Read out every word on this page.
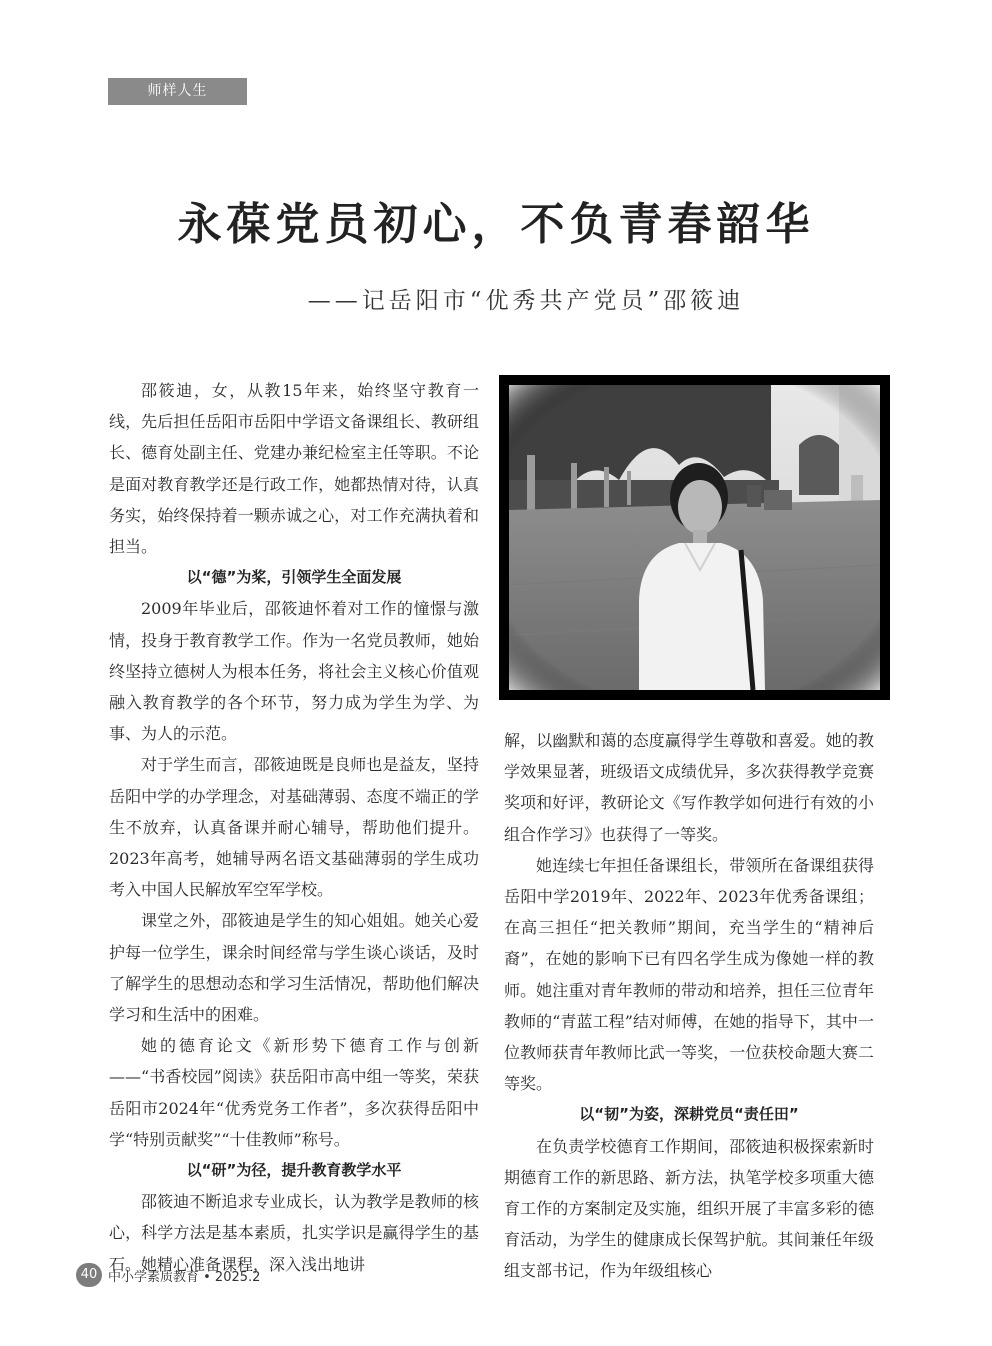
师样人生
永葆党员初心，不负青春韶华
——记岳阳市“优秀共产党员”邵筱迪

邵筱迪，女，从教15年来，始终坚守教育一线，先后担任岳阳市岳阳中学语文备课组长、教研组长、德育处副主任、党建办兼纪检室主任等职。不论是面对教育教学还是行政工作，她都热情对待，认真务实，始终保持着一颗赤诚之心，对工作充满执着和担当。

以“德”为桨，引领学生全面发展

2009年毕业后，邵筱迪怀着对工作的憧憬与激情，投身于教育教学工作。作为一名党员教师，她始终坚持立德树人为根本任务，将社会主义核心价值观融入教育教学的各个环节，努力成为学生为学、为事、为人的示范。

对于学生而言，邵筱迪既是良师也是益友，坚持岳阳中学的办学理念，对基础薄弱、态度不端正的学生不放弃，认真备课并耐心辅导，帮助他们提升。2023年高考，她辅导两名语文基础薄弱的学生成功考入中国人民解放军空军学校。

课堂之外，邵筱迪是学生的知心姐姐。她关心爱护每一位学生，课余时间经常与学生谈心谈话，及时了解学生的思想动态和学习生活情况，帮助他们解决学习和生活中的困难。

她的德育论文《新形势下德育工作与创新——“书香校园”阅读》获岳阳市高中组一等奖，荣获岳阳市2024年“优秀党务工作者”，多次获得岳阳中学“特别贡献奖”“十佳教师”称号。

以“研”为径，提升教育教学水平

邵筱迪不断追求专业成长，认为教学是教师的核心，科学方法是基本素质，扎实学识是赢得学生的基石。她精心准备课程，深入浅出地讲

解，以幽默和蔼的态度赢得学生尊敬和喜爱。她的教学效果显著，班级语文成绩优异，多次获得教学竞赛奖项和好评，教研论文《写作教学如何进行有效的小组合作学习》也获得了一等奖。

她连续七年担任备课组长，带领所在备课组获得岳阳中学2019年、2022年、2023年优秀备课组；在高三担任“把关教师”期间，充当学生的“精神后裔”，在她的影响下已有四名学生成为像她一样的教师。她注重对青年教师的带动和培养，担任三位青年教师的“青蓝工程”结对师傅，在她的指导下，其中一位教师获青年教师比武一等奖，一位获校命题大赛二等奖。

以“韧”为姿，深耕党员“责任田”

在负责学校德育工作期间，邵筱迪积极探索新时期德育工作的新思路、新方法，执笔学校多项重大德育工作的方案制定及实施，组织开展了丰富多彩的德育活动，为学生的健康成长保驾护航。其间兼任年级组支部书记，作为年级组核心

40 中小学素质教育 • 2025.2
